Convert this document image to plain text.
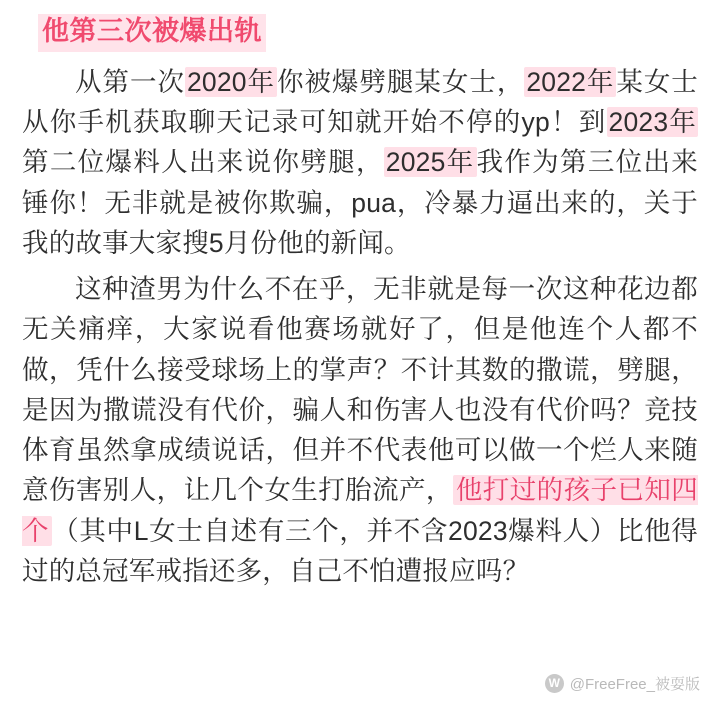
他第三次被爆出轨

从第一次2020年你被爆劈腿某女士，2022年某女士从你手机获取聊天记录可知就开始不停的yp！到2023年第二位爆料人出来说你劈腿，2025年我作为第三位出来锤你！无非就是被你欺骗，pua，冷暴力逼出来的，关于我的故事大家搜5月份他的新闻。

这种渣男为什么不在乎，无非就是每一次这种花边都无关痛痒，大家说看他赛场就好了，但是他连个人都不做，凭什么接受球场上的掌声？不计其数的撒谎，劈腿，是因为撒谎没有代价，骗人和伤害人也没有代价吗？竞技体育虽然拿成绩说话，但并不代表他可以做一个烂人来随意伤害别人，让几个女生打胎流产， 他打过的孩子已知四个 （其中L女士自述有三个，并不含2023爆料人）比他得过的总冠军戒指还多，自己不怕遭报应吗？

W @FreeFree_被耍版
